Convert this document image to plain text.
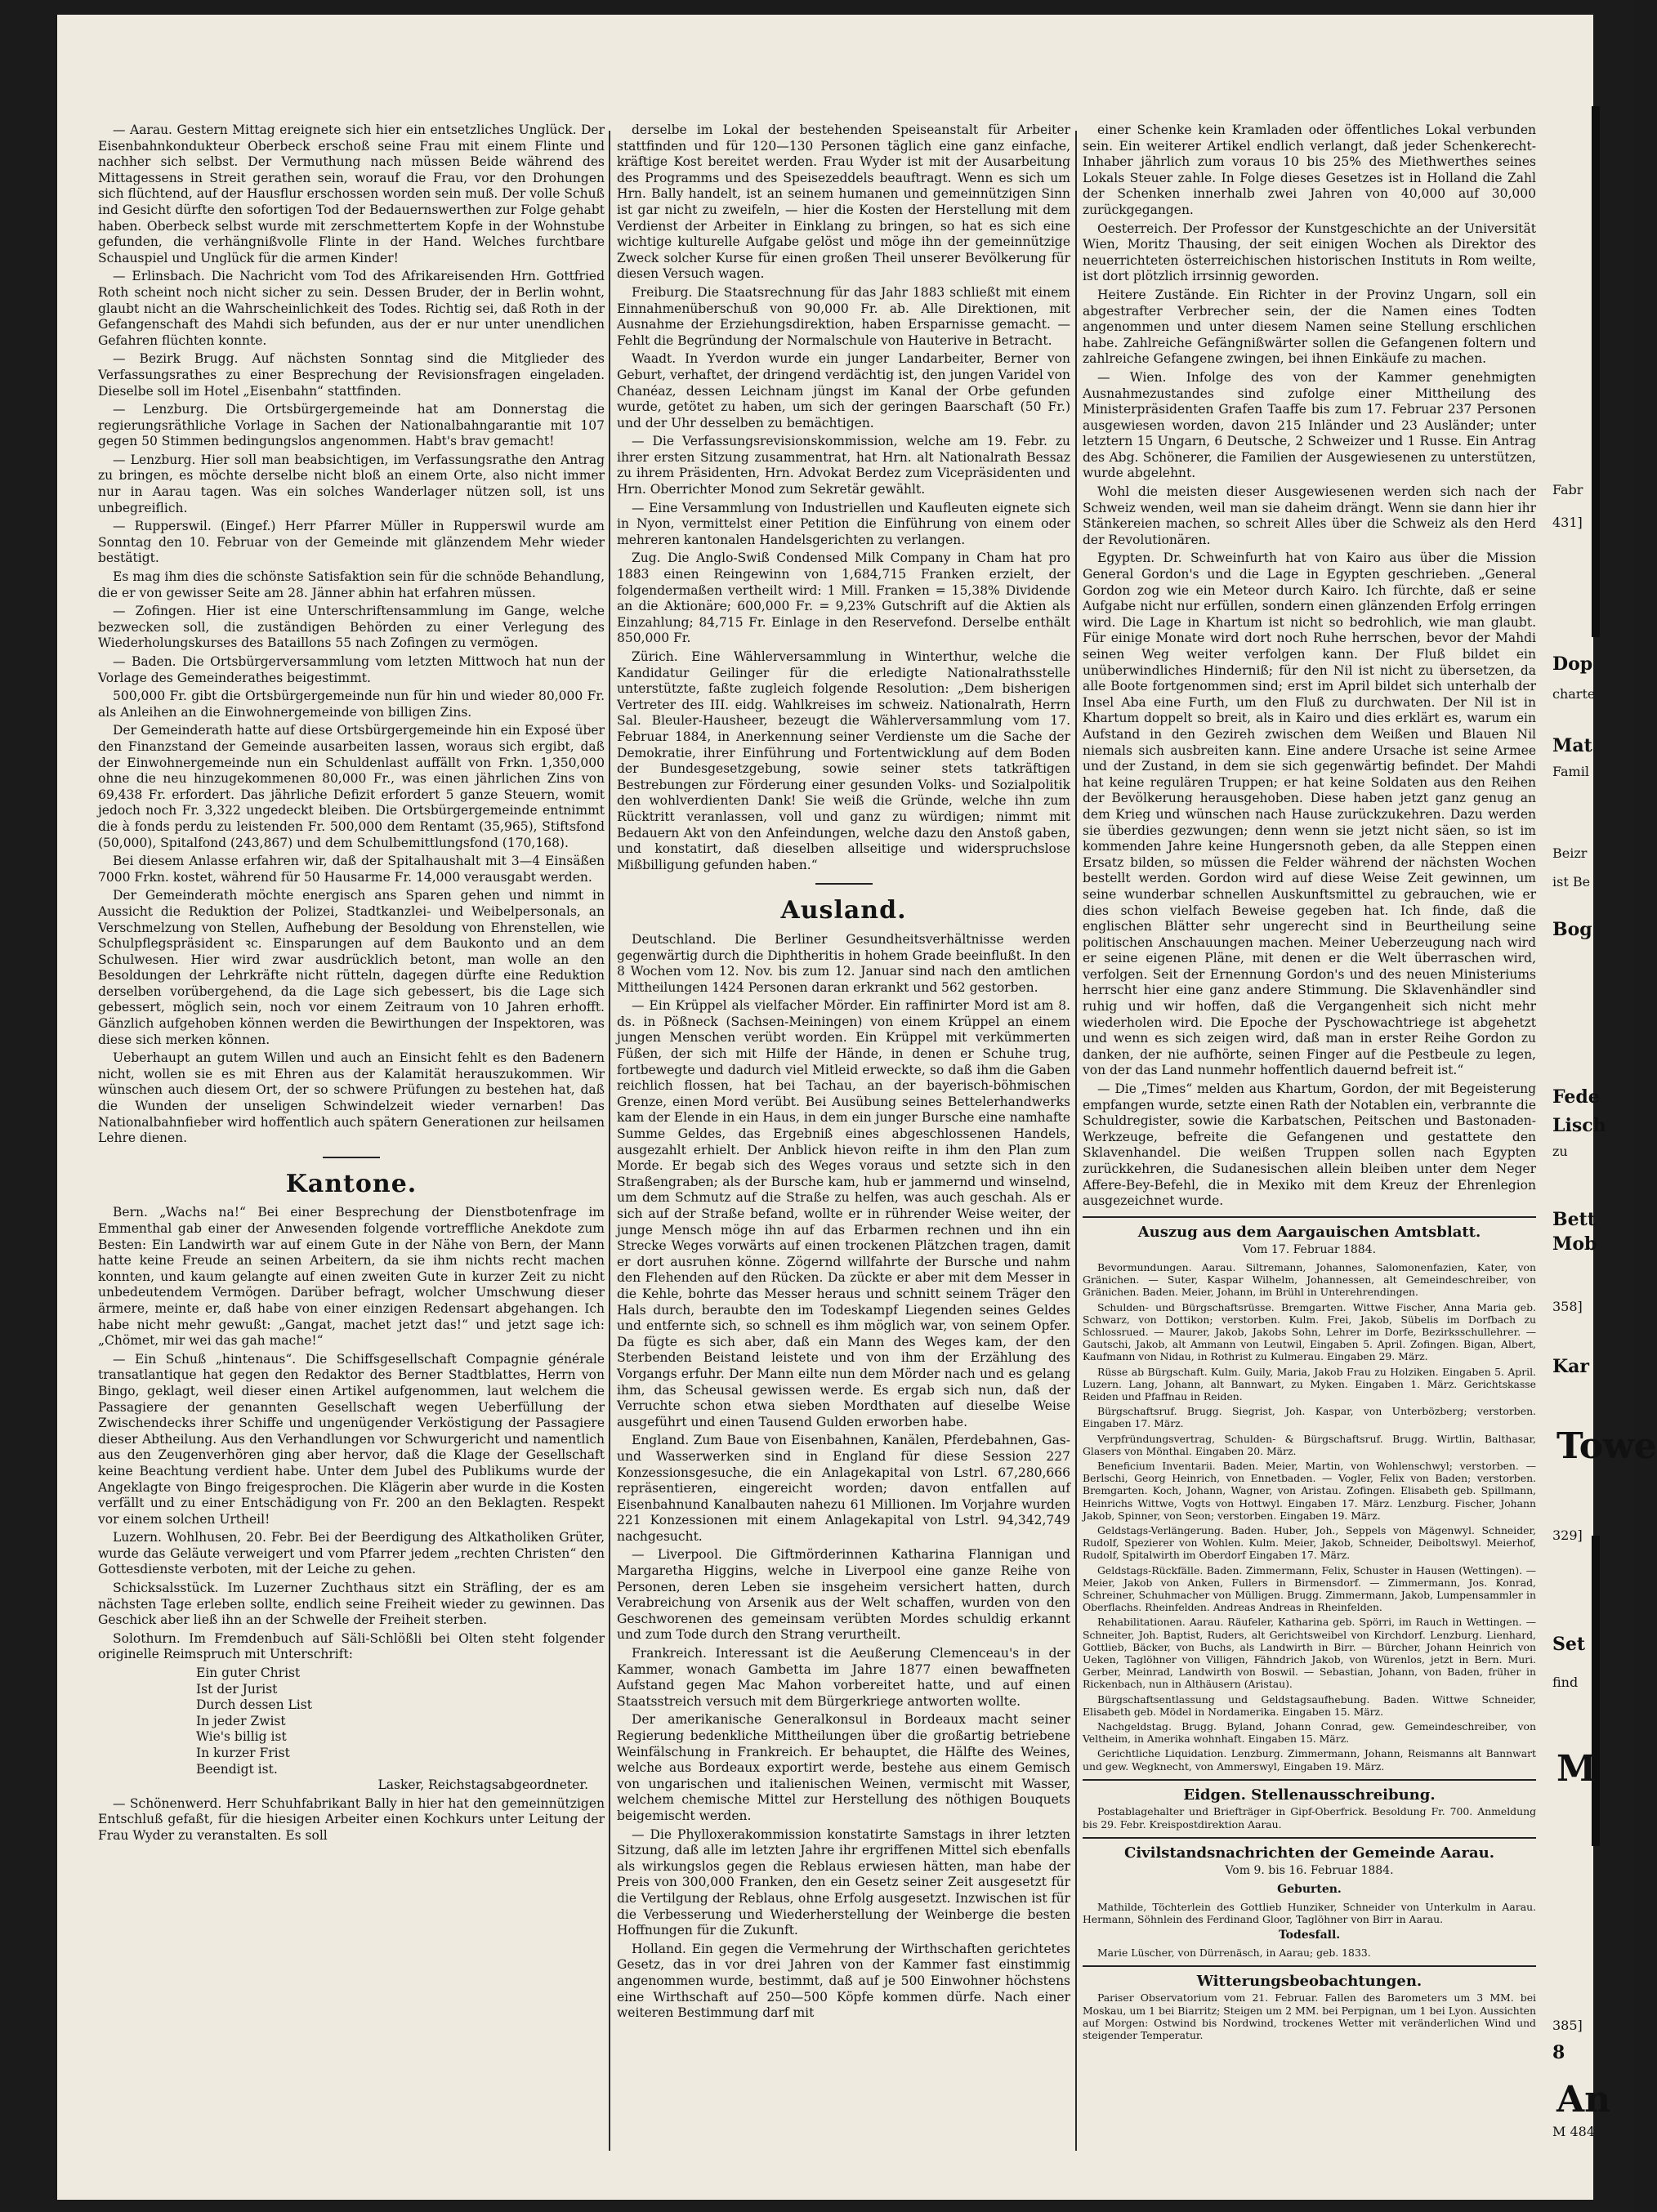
— Aarau. Gestern Mittag ereignete sich hier ein entsetzliches Unglück. Der Eisenbahnkondukteur Oberbeck erschoß seine Frau mit einem Flinte und nachher sich selbst. Der Vermuthung nach müssen Beide während des Mittagessens in Streit gerathen sein, worauf die Frau, vor den Drohungen sich flüchtend, auf der Hausflur erschossen worden sein muß. Der volle Schuß ind Gesicht dürfte den sofortigen Tod der Bedauernswerthen zur Folge gehabt haben. Oberbeck selbst wurde mit zerschmettertem Kopfe in der Wohnstube gefunden, die verhängnißvolle Flinte in der Hand. Welches furchtbare Schauspiel und Unglück für die armen Kinder!

— Erlinsbach. Die Nachricht vom Tod des Afrikareisenden Hrn. Gottfried Roth scheint noch nicht sicher zu sein. Dessen Bruder, der in Berlin wohnt, glaubt nicht an die Wahrscheinlichkeit des Todes. Richtig sei, daß Roth in der Gefangenschaft des Mahdi sich befunden, aus der er nur unter unendlichen Gefahren flüchten konnte.

— Bezirk Brugg. Auf nächsten Sonntag sind die Mitglieder des Verfassungsrathes zu einer Besprechung der Revisionsfragen eingeladen. Dieselbe soll im Hotel „Eisenbahn“ stattfinden.

— Lenzburg. Die Ortsbürgergemeinde hat am Donnerstag die regierungsräthliche Vorlage in Sachen der Nationalbahngarantie mit 107 gegen 50 Stimmen bedingungslos angenommen. Habt's brav gemacht!

— Lenzburg. Hier soll man beabsichtigen, im Verfassungsrathe den Antrag zu bringen, es möchte derselbe nicht bloß an einem Orte, also nicht immer nur in Aarau tagen. Was ein solches Wanderlager nützen soll, ist uns unbegreiflich.

— Rupperswil. (Eingef.) Herr Pfarrer Müller in Rupperswil wurde am Sonntag den 10. Februar von der Gemeinde mit glänzendem Mehr wieder bestätigt.

Es mag ihm dies die schönste Satisfaktion sein für die schnöde Behandlung, die er von gewisser Seite am 28. Jänner abhin hat erfahren müssen.

— Zofingen. Hier ist eine Unterschriftensammlung im Gange, welche bezwecken soll, die zuständigen Behörden zu einer Verlegung des Wiederholungskurses des Bataillons 55 nach Zofingen zu vermögen.

— Baden. Die Ortsbürgerversammlung vom letzten Mittwoch hat nun der Vorlage des Gemeinderathes beigestimmt.

500,000 Fr. gibt die Ortsbürgergemeinde nun für hin und wieder 80,000 Fr. als Anleihen an die Einwohnergemeinde von billigen Zins.

Der Gemeinderath hatte auf diese Ortsbürgergemeinde hin ein Exposé über den Finanzstand der Gemeinde ausarbeiten lassen, woraus sich ergibt, daß der Einwohnergemeinde nun ein Schuldenlast auffällt von Frkn. 1,350,000 ohne die neu hinzugekommenen 80,000 Fr., was einen jährlichen Zins von 69,438 Fr. erfordert. Das jährliche Defizit erfordert 5 ganze Steuern, womit jedoch noch Fr. 3,322 ungedeckt bleiben. Die Ortsbürgergemeinde entnimmt die à fonds perdu zu leistenden Fr. 500,000 dem Rentamt (35,965), Stiftsfond (50,000), Spitalfond (243,867) und dem Schulbemittlungsfond (170,168).

Bei diesem Anlasse erfahren wir, daß der Spitalhaushalt mit 3—4 Einsäßen 7000 Frkn. kostet, während für 50 Hausarme Fr. 14,000 verausgabt werden.

Der Gemeinderath möchte energisch ans Sparen gehen und nimmt in Aussicht die Reduktion der Polizei, Stadtkanzlei- und Weibelpersonals, an Verschmelzung von Stellen, Aufhebung der Besoldung von Ehrenstellen, wie Schulpflegspräsident ꝛc. Einsparungen auf dem Baukonto und an dem Schulwesen. Hier wird zwar ausdrücklich betont, man wolle an den Besoldungen der Lehrkräfte nicht rütteln, dagegen dürfte eine Reduktion derselben vorübergehend, da die Lage sich gebessert, bis die Lage sich gebessert, möglich sein, noch vor einem Zeitraum von 10 Jahren erhofft. Gänzlich aufgehoben können werden die Bewirthungen der Inspektoren, was diese sich merken können.

Ueberhaupt an gutem Willen und auch an Einsicht fehlt es den Badenern nicht, wollen sie es mit Ehren aus der Kalamität herauszukommen. Wir wünschen auch diesem Ort, der so schwere Prüfungen zu bestehen hat, daß die Wunden der unseligen Schwindelzeit wieder vernarben! Das Nationalbahnfieber wird hoffentlich auch spätern Generationen zur heilsamen Lehre dienen.

Kantone.

Bern. „Wachs na!“ Bei einer Besprechung der Dienstbotenfrage im Emmenthal gab einer der Anwesenden folgende vortreffliche Anekdote zum Besten: Ein Landwirth war auf einem Gute in der Nähe von Bern, der Mann hatte keine Freude an seinen Arbeitern, da sie ihm nichts recht machen konnten, und kaum gelangte auf einen zweiten Gute in kurzer Zeit zu nicht unbedeutendem Vermögen. Darüber befragt, wolcher Umschwung dieser ärmere, meinte er, daß habe von einer einzigen Redensart abgehangen. Ich habe nicht mehr gewußt: „Gangat, machet jetzt das!“ und jetzt sage ich: „Chömet, mir wei das gah mache!“

— Ein Schuß „hintenaus“. Die Schiffsgesellschaft Compagnie générale transatlantique hat gegen den Redaktor des Berner Stadtblattes, Herrn von Bingo, geklagt, weil dieser einen Artikel aufgenommen, laut welchem die Passagiere der genannten Gesellschaft wegen Ueberfüllung der Zwischendecks ihrer Schiffe und ungenügender Verköstigung der Passagiere dieser Abtheilung. Aus den Verhandlungen vor Schwurgericht und namentlich aus den Zeugenverhören ging aber hervor, daß die Klage der Gesellschaft keine Beachtung verdient habe. Unter dem Jubel des Publikums wurde der Angeklagte von Bingo freigesprochen. Die Klägerin aber wurde in die Kosten verfällt und zu einer Entschädigung von Fr. 200 an den Beklagten. Respekt vor einem solchen Urtheil!

Luzern. Wohlhusen, 20. Febr. Bei der Beerdigung des Altkatholiken Grüter, wurde das Geläute verweigert und vom Pfarrer jedem „rechten Christen“ den Gottesdienste verboten, mit der Leiche zu gehen.

Schicksalsstück. Im Luzerner Zuchthaus sitzt ein Sträfling, der es am nächsten Tage erleben sollte, endlich seine Freiheit wieder zu gewinnen. Das Geschick aber ließ ihn an der Schwelle der Freiheit sterben.

Solothurn. Im Fremdenbuch auf Säli-Schlößli bei Olten steht folgender originelle Reimspruch mit Unterschrift:

Ein guter Christ

Ist der Jurist

Durch dessen List

In jeder Zwist

Wie's billig ist

In kurzer Frist

Beendigt ist.

Lasker, Reichstagsabgeordneter.

— Schönenwerd. Herr Schuhfabrikant Bally in hier hat den gemeinnützigen Entschluß gefaßt, für die hiesigen Arbeiter einen Kochkurs unter Leitung der Frau Wyder zu veranstalten. Es soll

derselbe im Lokal der bestehenden Speiseanstalt für Arbeiter stattfinden und für 120—130 Personen täglich eine ganz einfache, kräftige Kost bereitet werden. Frau Wyder ist mit der Ausarbeitung des Programms und des Speisezeddels beauftragt. Wenn es sich um Hrn. Bally handelt, ist an seinem humanen und gemeinnützigen Sinn ist gar nicht zu zweifeln, — hier die Kosten der Herstellung mit dem Verdienst der Arbeiter in Einklang zu bringen, so hat es sich eine wichtige kulturelle Aufgabe gelöst und möge ihn der gemeinnützige Zweck solcher Kurse für einen großen Theil unserer Bevölkerung für diesen Versuch wagen.

Freiburg. Die Staatsrechnung für das Jahr 1883 schließt mit einem Einnahmenüberschuß von 90,000 Fr. ab. Alle Direktionen, mit Ausnahme der Erziehungsdirektion, haben Ersparnisse gemacht. — Fehlt die Begründung der Normalschule von Hauterive in Betracht.

Waadt. In Yverdon wurde ein junger Landarbeiter, Berner von Geburt, verhaftet, der dringend verdächtig ist, den jungen Varidel von Chanéaz, dessen Leichnam jüngst im Kanal der Orbe gefunden wurde, getötet zu haben, um sich der geringen Baarschaft (50 Fr.) und der Uhr desselben zu bemächtigen.

— Die Verfassungsrevisionskommission, welche am 19. Febr. zu ihrer ersten Sitzung zusammentrat, hat Hrn. alt Nationalrath Bessaz zu ihrem Präsidenten, Hrn. Advokat Berdez zum Vicepräsidenten und Hrn. Oberrichter Monod zum Sekretär gewählt.

— Eine Versammlung von Industriellen und Kaufleuten eignete sich in Nyon, vermittelst einer Petition die Einführung von einem oder mehreren kantonalen Handelsgerichten zu verlangen.

Zug. Die Anglo-Swiß Condensed Milk Company in Cham hat pro 1883 einen Reingewinn von 1,684,715 Franken erzielt, der folgendermaßen vertheilt wird: 1 Mill. Franken = 15,38% Dividende an die Aktionäre; 600,000 Fr. = 9,23% Gutschrift auf die Aktien als Einzahlung; 84,715 Fr. Einlage in den Reservefond. Derselbe enthält 850,000 Fr.

Zürich. Eine Wählerversammlung in Winterthur, welche die Kandidatur Geilinger für die erledigte Nationalrathsstelle unterstützte, faßte zugleich folgende Resolution: „Dem bisherigen Vertreter des III. eidg. Wahlkreises im schweiz. Nationalrath, Herrn Sal. Bleuler-Hausheer, bezeugt die Wählerversammlung vom 17. Februar 1884, in Anerkennung seiner Verdienste um die Sache der Demokratie, ihrer Einführung und Fortentwicklung auf dem Boden der Bundesgesetzgebung, sowie seiner stets tatkräftigen Bestrebungen zur Förderung einer gesunden Volks- und Sozialpolitik den wohlverdienten Dank! Sie weiß die Gründe, welche ihn zum Rücktritt veranlassen, voll und ganz zu würdigen; nimmt mit Bedauern Akt von den Anfeindungen, welche dazu den Anstoß gaben, und konstatirt, daß dieselben allseitige und widerspruchslose Mißbilligung gefunden haben.“

Ausland.

Deutschland. Die Berliner Gesundheitsverhältnisse werden gegenwärtig durch die Diphtheritis in hohem Grade beeinflußt. In den 8 Wochen vom 12. Nov. bis zum 12. Januar sind nach den amtlichen Mittheilungen 1424 Personen daran erkrankt und 562 gestorben.

— Ein Krüppel als vielfacher Mörder. Ein raffinirter Mord ist am 8. ds. in Pößneck (Sachsen-Meiningen) von einem Krüppel an einem jungen Menschen verübt worden. Ein Krüppel mit verkümmerten Füßen, der sich mit Hilfe der Hände, in denen er Schuhe trug, fortbewegte und dadurch viel Mitleid erweckte, so daß ihm die Gaben reichlich flossen, hat bei Tachau, an der bayerisch-böhmischen Grenze, einen Mord verübt. Bei Ausübung seines Bettelerhandwerks kam der Elende in ein Haus, in dem ein junger Bursche eine namhafte Summe Geldes, das Ergebniß eines abgeschlossenen Handels, ausgezahlt erhielt. Der Anblick hievon reifte in ihm den Plan zum Morde. Er begab sich des Weges voraus und setzte sich in den Straßengraben; als der Bursche kam, hub er jammernd und winselnd, um dem Schmutz auf die Straße zu helfen, was auch geschah. Als er sich auf der Straße befand, wollte er in rührender Weise weiter, der junge Mensch möge ihn auf das Erbarmen rechnen und ihn ein Strecke Weges vorwärts auf einen trockenen Plätzchen tragen, damit er dort ausruhen könne. Zögernd willfahrte der Bursche und nahm den Flehenden auf den Rücken. Da zückte er aber mit dem Messer in die Kehle, bohrte das Messer heraus und schnitt seinem Träger den Hals durch, beraubte den im Todeskampf Liegenden seines Geldes und entfernte sich, so schnell es ihm möglich war, von seinem Opfer. Da fügte es sich aber, daß ein Mann des Weges kam, der den Sterbenden Beistand leistete und von ihm der Erzählung des Vorgangs erfuhr. Der Mann eilte nun dem Mörder nach und es gelang ihm, das Scheusal gewissen werde. Es ergab sich nun, daß der Verruchte schon etwa sieben Mordthaten auf dieselbe Weise ausgeführt und einen Tausend Gulden erworben habe.

England. Zum Baue von Eisenbahnen, Kanälen, Pferdebahnen, Gas- und Wasserwerken sind in England für diese Session 227 Konzessionsgesuche, die ein Anlagekapital von Lstrl. 67,280,666 repräsentieren, eingereicht worden; davon entfallen auf Eisenbahnund Kanalbauten nahezu 61 Millionen. Im Vorjahre wurden 221 Konzessionen mit einem Anlagekapital von Lstrl. 94,342,749 nachgesucht.

— Liverpool. Die Giftmörderinnen Katharina Flannigan und Margaretha Higgins, welche in Liverpool eine ganze Reihe von Personen, deren Leben sie insgeheim versichert hatten, durch Verabreichung von Arsenik aus der Welt schaffen, wurden von den Geschworenen des gemeinsam verübten Mordes schuldig erkannt und zum Tode durch den Strang verurtheilt.

Frankreich. Interessant ist die Aeußerung Clemenceau's in der Kammer, wonach Gambetta im Jahre 1877 einen bewaffneten Aufstand gegen Mac Mahon vorbereitet hatte, und auf einen Staatsstreich versuch mit dem Bürgerkriege antworten wollte.

Der amerikanische Generalkonsul in Bordeaux macht seiner Regierung bedenkliche Mittheilungen über die großartig betriebene Weinfälschung in Frankreich. Er behauptet, die Hälfte des Weines, welche aus Bordeaux exportirt werde, bestehe aus einem Gemisch von ungarischen und italienischen Weinen, vermischt mit Wasser, welchem chemische Mittel zur Herstellung des nöthigen Bouquets beigemischt werden.

— Die Phylloxerakommission konstatirte Samstags in ihrer letzten Sitzung, daß alle im letzten Jahre ihr ergriffenen Mittel sich ebenfalls als wirkungslos gegen die Reblaus erwiesen hätten, man habe der Preis von 300,000 Franken, den ein Gesetz seiner Zeit ausgesetzt für die Vertilgung der Reblaus, ohne Erfolg ausgesetzt. Inzwischen ist für die Verbesserung und Wiederherstellung der Weinberge die besten Hoffnungen für die Zukunft.

Holland. Ein gegen die Vermehrung der Wirthschaften gerichtetes Gesetz, das in vor drei Jahren von der Kammer fast einstimmig angenommen wurde, bestimmt, daß auf je 500 Einwohner höchstens eine Wirthschaft auf 250—500 Köpfe kommen dürfe. Nach einer weiteren Bestimmung darf mit

einer Schenke kein Kramladen oder öffentliches Lokal verbunden sein. Ein weiterer Artikel endlich verlangt, daß jeder Schenkerecht-Inhaber jährlich zum voraus 10 bis 25% des Miethwerthes seines Lokals Steuer zahle. In Folge dieses Gesetzes ist in Holland die Zahl der Schenken innerhalb zwei Jahren von 40,000 auf 30,000 zurückgegangen.

Oesterreich. Der Professor der Kunstgeschichte an der Universität Wien, Moritz Thausing, der seit einigen Wochen als Direktor des neuerrichteten österreichischen historischen Instituts in Rom weilte, ist dort plötzlich irrsinnig geworden.

Heitere Zustände. Ein Richter in der Provinz Ungarn, soll ein abgestrafter Verbrecher sein, der die Namen eines Todten angenommen und unter diesem Namen seine Stellung erschlichen habe. Zahlreiche Gefängnißwärter sollen die Gefangenen foltern und zahlreiche Gefangene zwingen, bei ihnen Einkäufe zu machen.

— Wien. Infolge des von der Kammer genehmigten Ausnahmezustandes sind zufolge einer Mittheilung des Ministerpräsidenten Grafen Taaffe bis zum 17. Februar 237 Personen ausgewiesen worden, davon 215 Inländer und 23 Ausländer; unter letztern 15 Ungarn, 6 Deutsche, 2 Schweizer und 1 Russe. Ein Antrag des Abg. Schönerer, die Familien der Ausgewiesenen zu unterstützen, wurde abgelehnt.

Wohl die meisten dieser Ausgewiesenen werden sich nach der Schweiz wenden, weil man sie daheim drängt. Wenn sie dann hier ihr Stänkereien machen, so schreit Alles über die Schweiz als den Herd der Revolutionären.

Egypten. Dr. Schweinfurth hat von Kairo aus über die Mission General Gordon's und die Lage in Egypten geschrieben. „General Gordon zog wie ein Meteor durch Kairo. Ich fürchte, daß er seine Aufgabe nicht nur erfüllen, sondern einen glänzenden Erfolg erringen wird. Die Lage in Khartum ist nicht so bedrohlich, wie man glaubt. Für einige Monate wird dort noch Ruhe herrschen, bevor der Mahdi seinen Weg weiter verfolgen kann. Der Fluß bildet ein unüberwindliches Hinderniß; für den Nil ist nicht zu übersetzen, da alle Boote fortgenommen sind; erst im April bildet sich unterhalb der Insel Aba eine Furth, um den Fluß zu durchwaten. Der Nil ist in Khartum doppelt so breit, als in Kairo und dies erklärt es, warum ein Aufstand in den Gezireh zwischen dem Weißen und Blauen Nil niemals sich ausbreiten kann. Eine andere Ursache ist seine Armee und der Zustand, in dem sie sich gegenwärtig befindet. Der Mahdi hat keine regulären Truppen; er hat keine Soldaten aus den Reihen der Bevölkerung herausgehoben. Diese haben jetzt ganz genug an dem Krieg und wünschen nach Hause zurückzukehren. Dazu werden sie überdies gezwungen; denn wenn sie jetzt nicht säen, so ist im kommenden Jahre keine Hungersnoth geben, da alle Steppen einen Ersatz bilden, so müssen die Felder während der nächsten Wochen bestellt werden. Gordon wird auf diese Weise Zeit gewinnen, um seine wunderbar schnellen Auskunftsmittel zu gebrauchen, wie er dies schon vielfach Beweise gegeben hat. Ich finde, daß die englischen Blätter sehr ungerecht sind in Beurtheilung seine politischen Anschauungen machen. Meiner Ueberzeugung nach wird er seine eigenen Pläne, mit denen er die Welt überraschen wird, verfolgen. Seit der Ernennung Gordon's und des neuen Ministeriums herrscht hier eine ganz andere Stimmung. Die Sklavenhändler sind ruhig und wir hoffen, daß die Vergangenheit sich nicht mehr wiederholen wird. Die Epoche der Pyschowachtriege ist abgehetzt und wenn es sich zeigen wird, daß man in erster Reihe Gordon zu danken, der nie aufhörte, seinen Finger auf die Pestbeule zu legen, von der das Land nunmehr hoffentlich dauernd befreit ist.“

— Die „Times“ melden aus Khartum, Gordon, der mit Begeisterung empfangen wurde, setzte einen Rath der Notablen ein, verbrannte die Schuldregister, sowie die Karbatschen, Peitschen und Bastonaden-Werkzeuge, befreite die Gefangenen und gestattete den Sklavenhandel. Die weißen Truppen sollen nach Egypten zurückkehren, die Sudanesischen allein bleiben unter dem Neger Affere-Bey-Befehl, die in Mexiko mit dem Kreuz der Ehrenlegion ausgezeichnet wurde.

Auszug aus dem Aargauischen Amtsblatt.

Vom 17. Februar 1884.

Bevormundungen. Aarau. Siltremann, Johannes, Salomonenfazien, Kater, von Gränichen. — Suter, Kaspar Wilhelm, Johannessen, alt Gemeindeschreiber, von Gränichen. Baden. Meier, Johann, im Brühl in Unterehrendingen.

Schulden- und Bürgschaftsrüsse. Bremgarten. Wittwe Fischer, Anna Maria geb. Schwarz, von Dottikon; verstorben. Kulm. Frei, Jakob, Sübelis im Dorfbach zu Schlossrued. — Maurer, Jakob, Jakobs Sohn, Lehrer im Dorfe, Bezirksschullehrer. — Gautschi, Jakob, alt Ammann von Leutwil, Eingaben 5. April. Zofingen. Bigan, Albert, Kaufmann von Nidau, in Rothrist zu Kulmerau. Eingaben 29. März.

Rüsse ab Bürgschaft. Kulm. Guily, Maria, Jakob Frau zu Holziken. Eingaben 5. April. Luzern. Lang, Johann, alt Bannwart, zu Myken. Eingaben 1. März. Gerichtskasse Reiden und Pfaffnau in Reiden.

Bürgschaftsruf. Brugg. Siegrist, Joh. Kaspar, von Unterbözberg; verstorben. Eingaben 17. März.

Verpfründungsvertrag, Schulden- & Bürgschaftsruf. Brugg. Wirtlin, Balthasar, Glasers von Mönthal. Eingaben 20. März.

Beneficium Inventarii. Baden. Meier, Martin, von Wohlenschwyl; verstorben. — Berlschi, Georg Heinrich, von Ennetbaden. — Vogler, Felix von Baden; verstorben. Bremgarten. Koch, Johann, Wagner, von Aristau. Zofingen. Elisabeth geb. Spillmann, Heinrichs Wittwe, Vogts von Hottwyl. Eingaben 17. März. Lenzburg. Fischer, Johann Jakob, Spinner, von Seon; verstorben. Eingaben 19. März.

Geldstags-Verlängerung. Baden. Huber, Joh., Seppels von Mägenwyl. Schneider, Rudolf, Spezierer von Wohlen. Kulm. Meier, Jakob, Schneider, Deiboltswyl. Meierhof, Rudolf, Spitalwirth im Oberdorf Eingaben 17. März.

Geldstags-Rückfälle. Baden. Zimmermann, Felix, Schuster in Hausen (Wettingen). — Meier, Jakob von Anken, Fullers in Birmensdorf. — Zimmermann, Jos. Konrad, Schreiner, Schuhmacher von Mülligen. Brugg. Zimmermann, Jakob, Lumpensammler in Oberflachs. Rheinfelden. Andreas Andreas in Rheinfelden.

Rehabilitationen. Aarau. Räufeler, Katharina geb. Spörri, im Rauch in Wettingen. — Schneiter, Joh. Baptist, Ruders, alt Gerichtsweibel von Kirchdorf. Lenzburg. Lienhard, Gottlieb, Bäcker, von Buchs, als Landwirth in Birr. — Bürcher, Johann Heinrich von Ueken, Taglöhner von Villigen, Fähndrich Jakob, von Würenlos, jetzt in Bern. Muri. Gerber, Meinrad, Landwirth von Boswil. — Sebastian, Johann, von Baden, früher in Rickenbach, nun in Althäusern (Aristau).

Bürgschaftsentlassung und Geldstagsaufhebung. Baden. Wittwe Schneider, Elisabeth geb. Mödel in Nordamerika. Eingaben 15. März.

Nachgeldstag. Brugg. Byland, Johann Conrad, gew. Gemeindeschreiber, von Veltheim, in Amerika wohnhaft. Eingaben 15. März.

Gerichtliche Liquidation. Lenzburg. Zimmermann, Johann, Reismanns alt Bannwart und gew. Wegknecht, von Ammerswyl, Eingaben 19. März.

Eidgen. Stellenausschreibung.

Postablagehalter und Briefträger in Gipf-Oberfrick. Besoldung Fr. 700. Anmeldung bis 29. Febr. Kreispostdirektion Aarau.

Civilstandsnachrichten der Gemeinde Aarau.

Vom 9. bis 16. Februar 1884.

Geburten.

Mathilde, Töchterlein des Gottlieb Hunziker, Schneider von Unterkulm in Aarau. Hermann, Söhnlein des Ferdinand Gloor, Taglöhner von Birr in Aarau.

Todesfall.

Marie Lüscher, von Dürrenäsch, in Aarau; geb. 1833.

Witterungsbeobachtungen.

Pariser Observatorium vom 21. Februar. Fallen des Barometers um 3 MM. bei Moskau, um 1 bei Biarritz; Steigen um 2 MM. bei Perpignan, um 1 bei Lyon. Aussichten auf Morgen: Ostwind bis Nordwind, trockenes Wetter mit veränderlichen Wind und steigender Temperatur.

Fabr
431]
Dop
charte
Mat
Famil
Beizr
ist Be
Bog
Fede
Lisch
zu
Bett
Mob
358]
Kar
Towe
329]
Set
find
M
385]
8
An
M 484
